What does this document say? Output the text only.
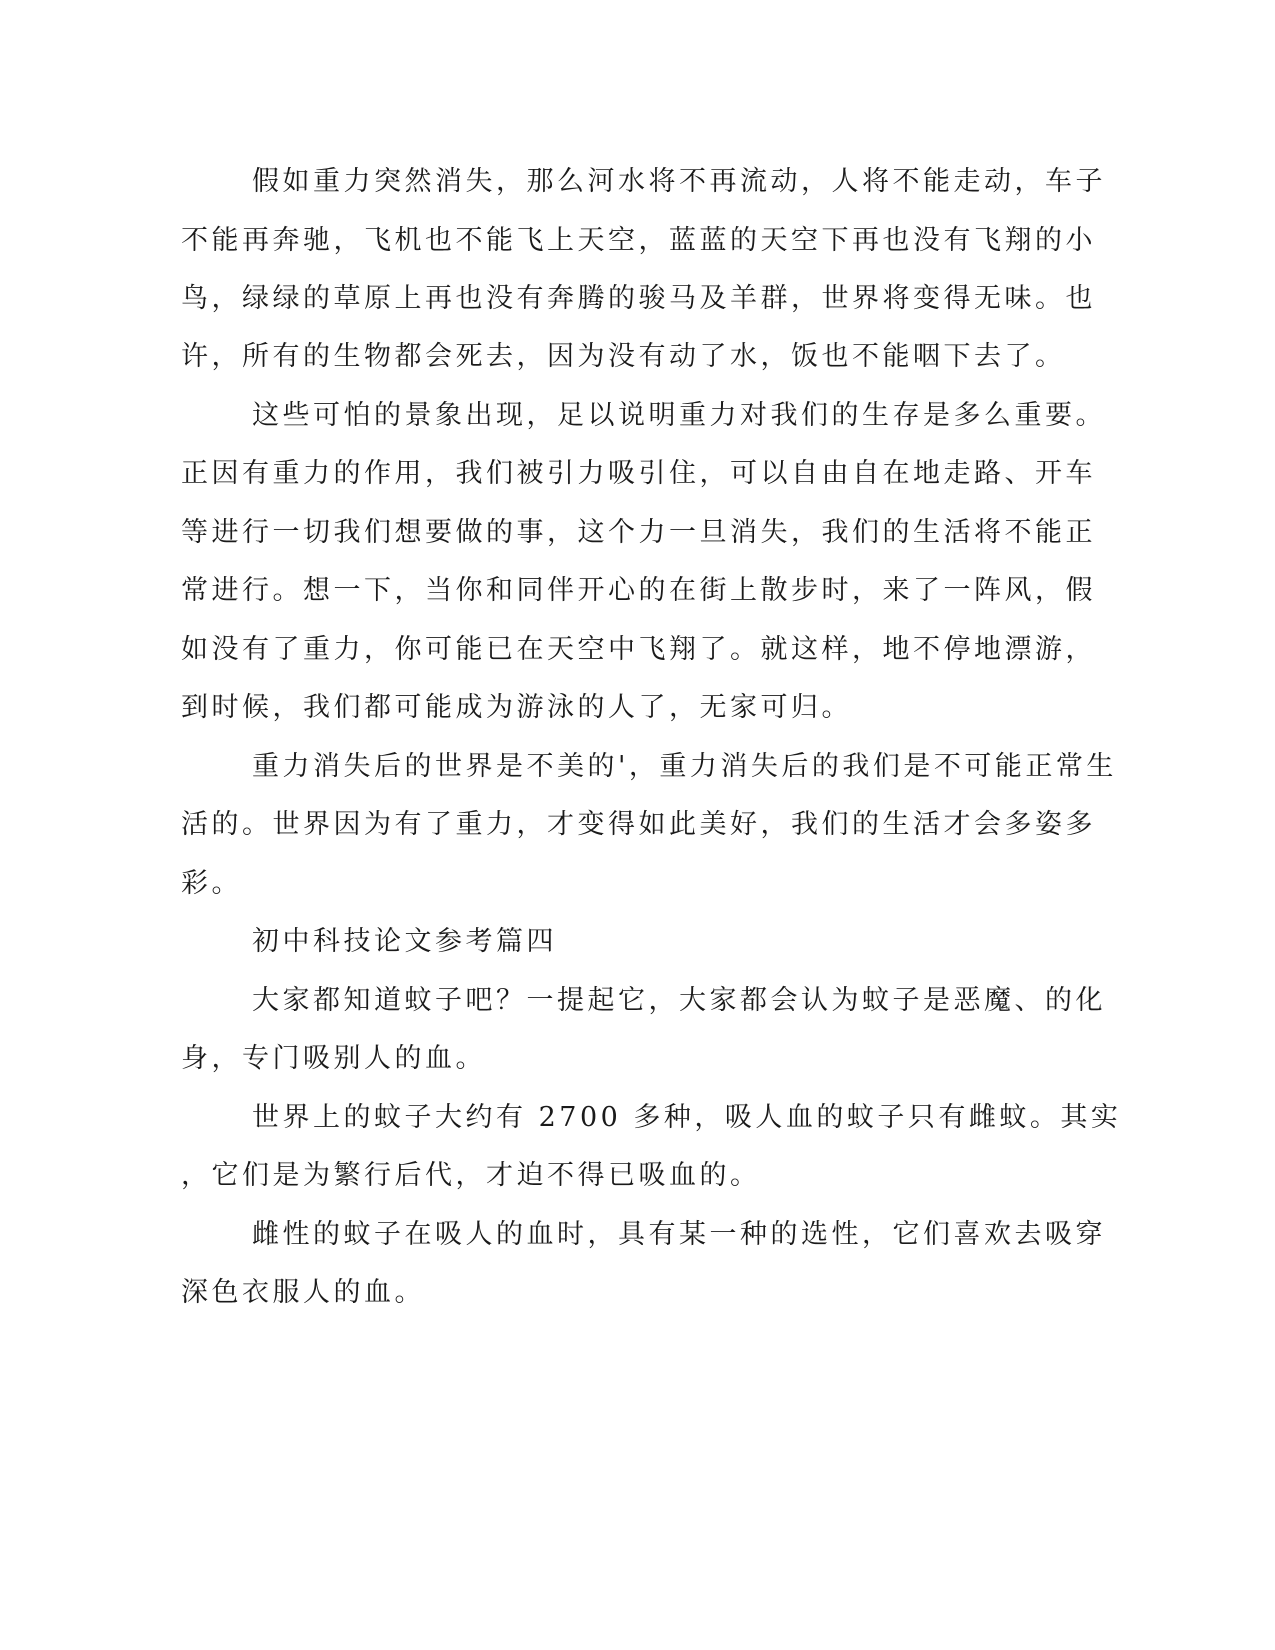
假如重力突然消失，那么河水将不再流动，人将不能走动，车子

不能再奔驰，飞机也不能飞上天空，蓝蓝的天空下再也没有飞翔的小

鸟，绿绿的草原上再也没有奔腾的骏马及羊群，世界将变得无味。也

许，所有的生物都会死去，因为没有动了水，饭也不能咽下去了。

这些可怕的景象出现，足以说明重力对我们的生存是多么重要。

正因有重力的作用，我们被引力吸引住，可以自由自在地走路、开车

等进行一切我们想要做的事，这个力一旦消失，我们的生活将不能正

常进行。想一下，当你和同伴开心的在街上散步时，来了一阵风，假

如没有了重力，你可能已在天空中飞翔了。就这样，地不停地漂游，

到时候，我们都可能成为游泳的人了，无家可归。

重力消失后的世界是不美的'，重力消失后的我们是不可能正常生

活的。世界因为有了重力，才变得如此美好，我们的生活才会多姿多

彩。

初中科技论文参考篇四

大家都知道蚊子吧？一提起它，大家都会认为蚊子是恶魔、的化

身，专门吸别人的血。

世界上的蚊子大约有 2700 多种，吸人血的蚊子只有雌蚊。其实

，它们是为繁行后代，才迫不得已吸血的。

雌性的蚊子在吸人的血时，具有某一种的选性，它们喜欢去吸穿

深色衣服人的血。
